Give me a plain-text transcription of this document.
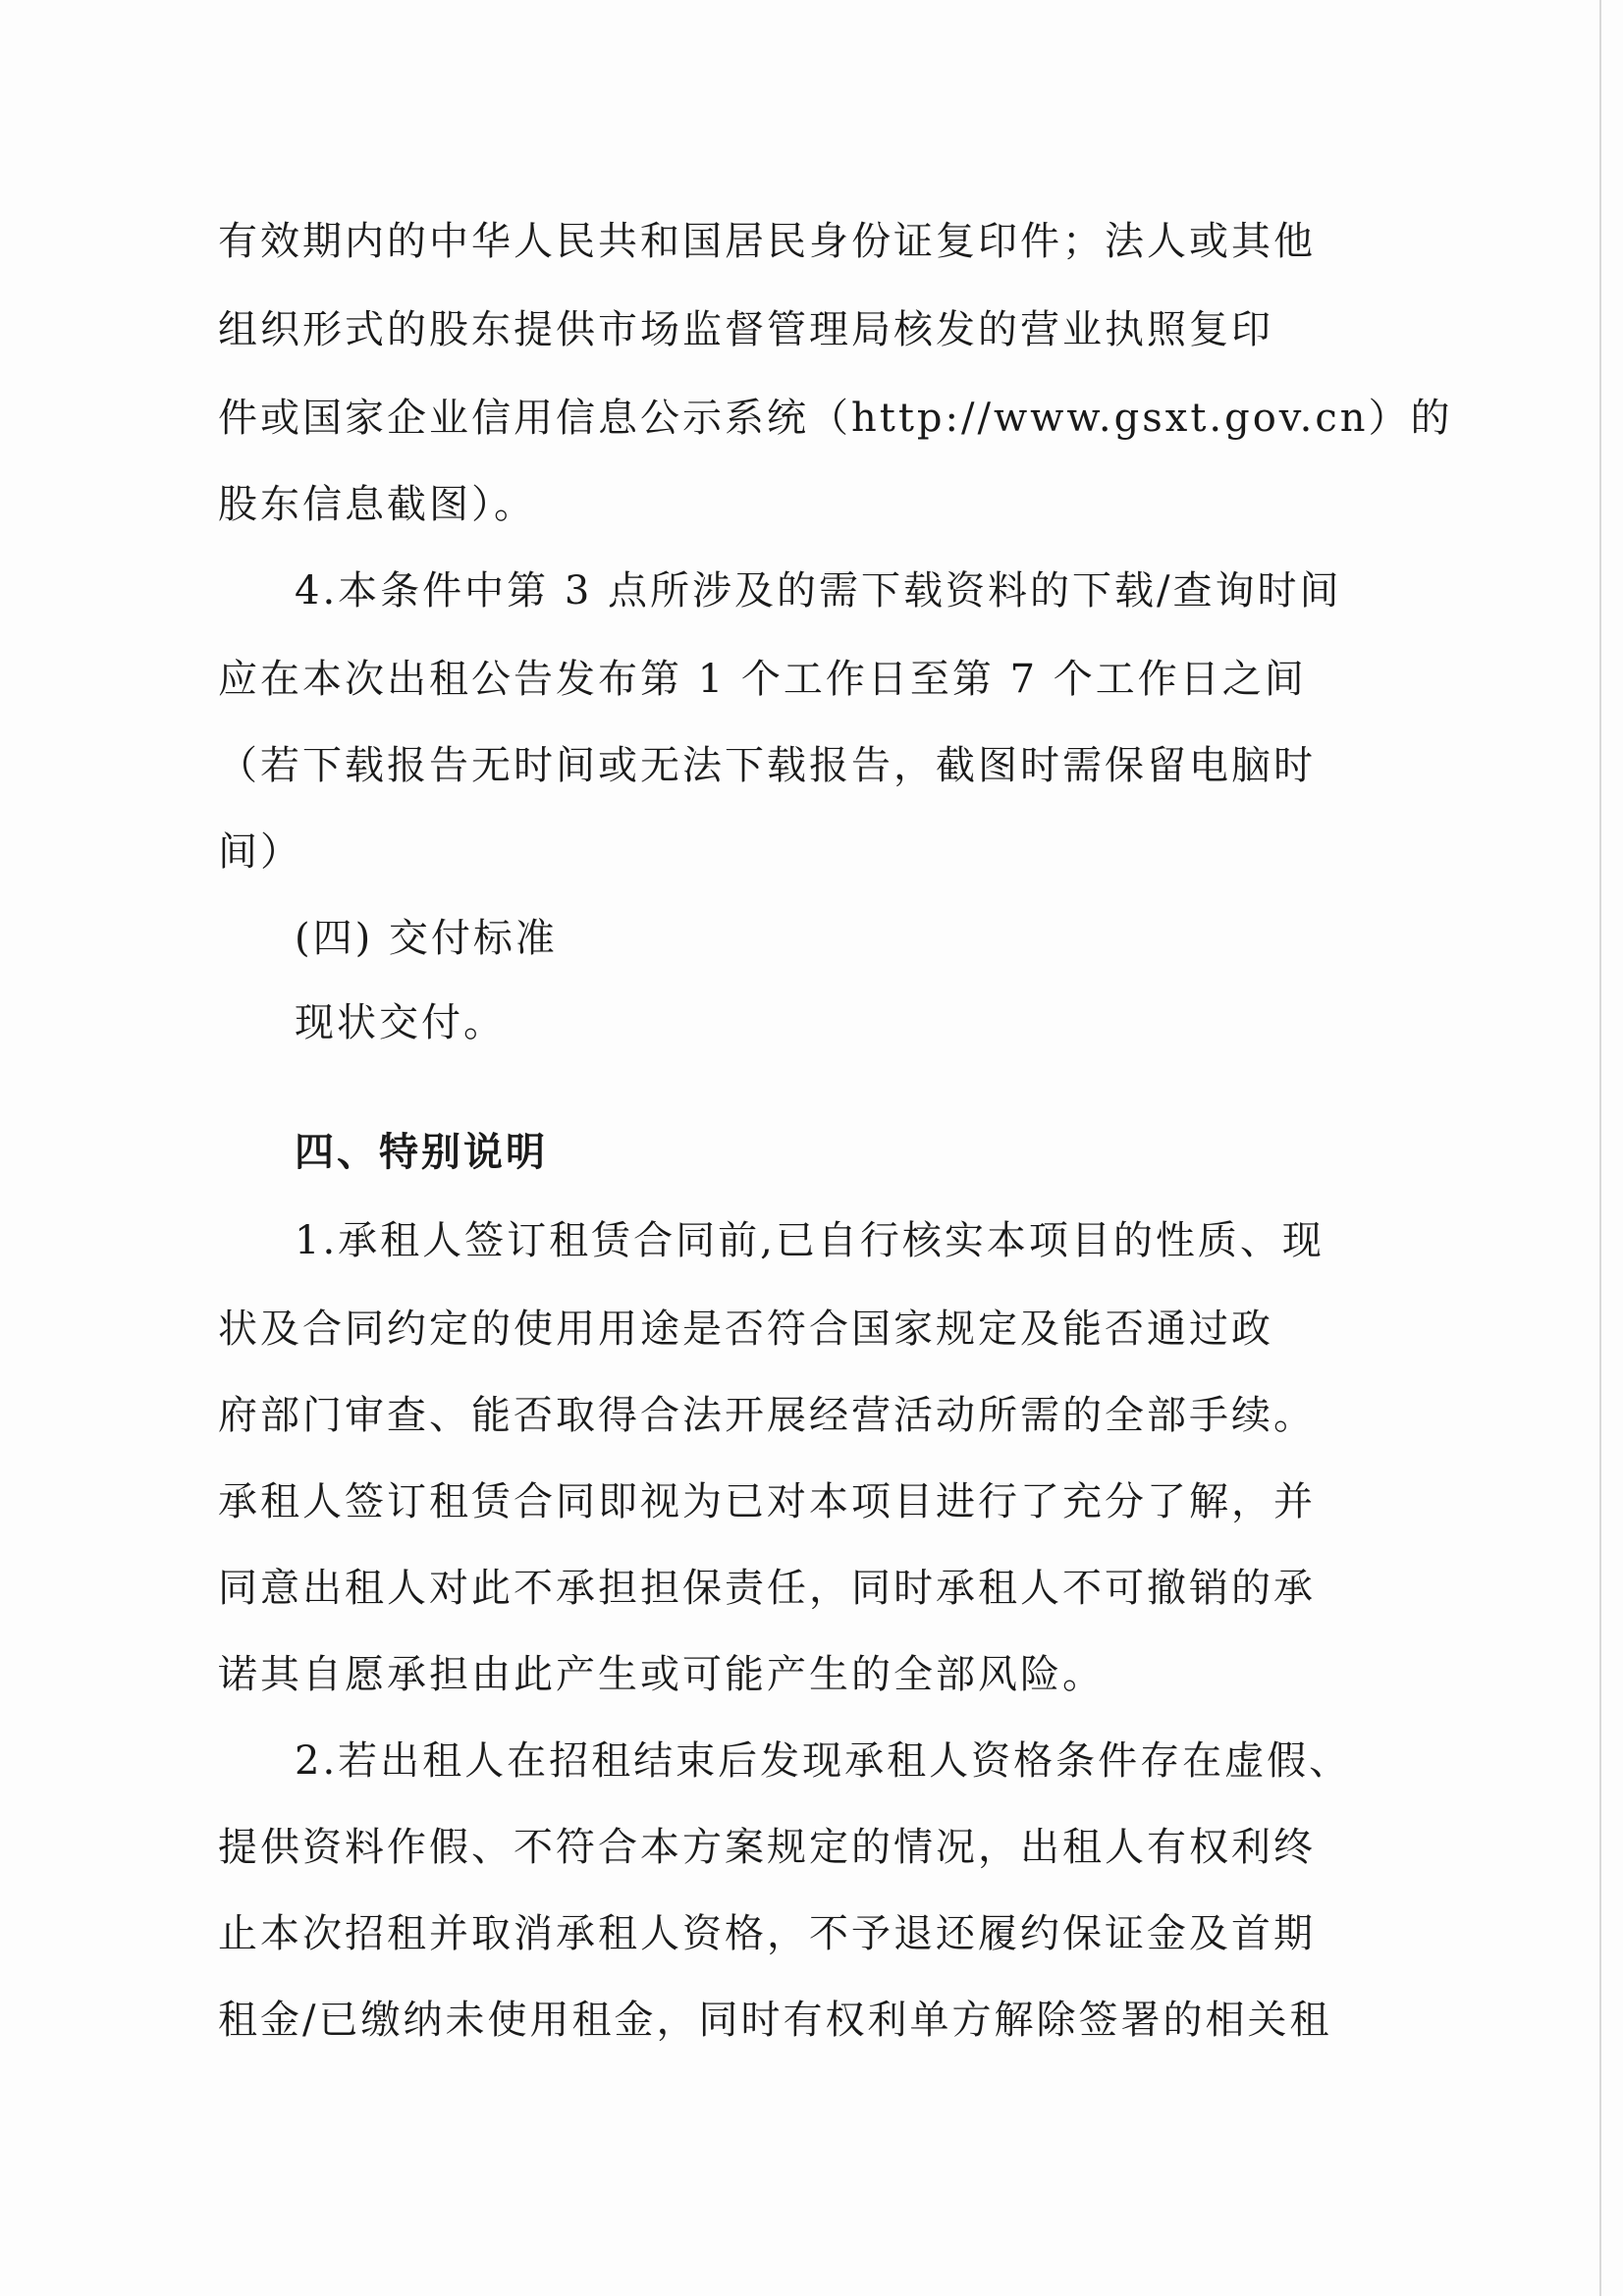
有效期内的中华人民共和国居民身份证复印件；法人或其他
组织形式的股东提供市场监督管理局核发的营业执照复印
件或国家企业信用信息公示系统（http://www.gsxt.gov.cn）的
股东信息截图）。
4.本条件中第 3 点所涉及的需下载资料的下载/查询时间
应在本次出租公告发布第 1 个工作日至第 7 个工作日之间
（若下载报告无时间或无法下载报告，截图时需保留电脑时
间）
(四) 交付标准
现状交付。
四、特别说明
1.承租人签订租赁合同前,已自行核实本项目的性质、现
状及合同约定的使用用途是否符合国家规定及能否通过政
府部门审查、能否取得合法开展经营活动所需的全部手续。
承租人签订租赁合同即视为已对本项目进行了充分了解，并
同意出租人对此不承担担保责任，同时承租人不可撤销的承
诺其自愿承担由此产生或可能产生的全部风险。
2.若出租人在招租结束后发现承租人资格条件存在虚假、
提供资料作假、不符合本方案规定的情况，出租人有权利终
止本次招租并取消承租人资格，不予退还履约保证金及首期
租金/已缴纳未使用租金，同时有权利单方解除签署的相关租
